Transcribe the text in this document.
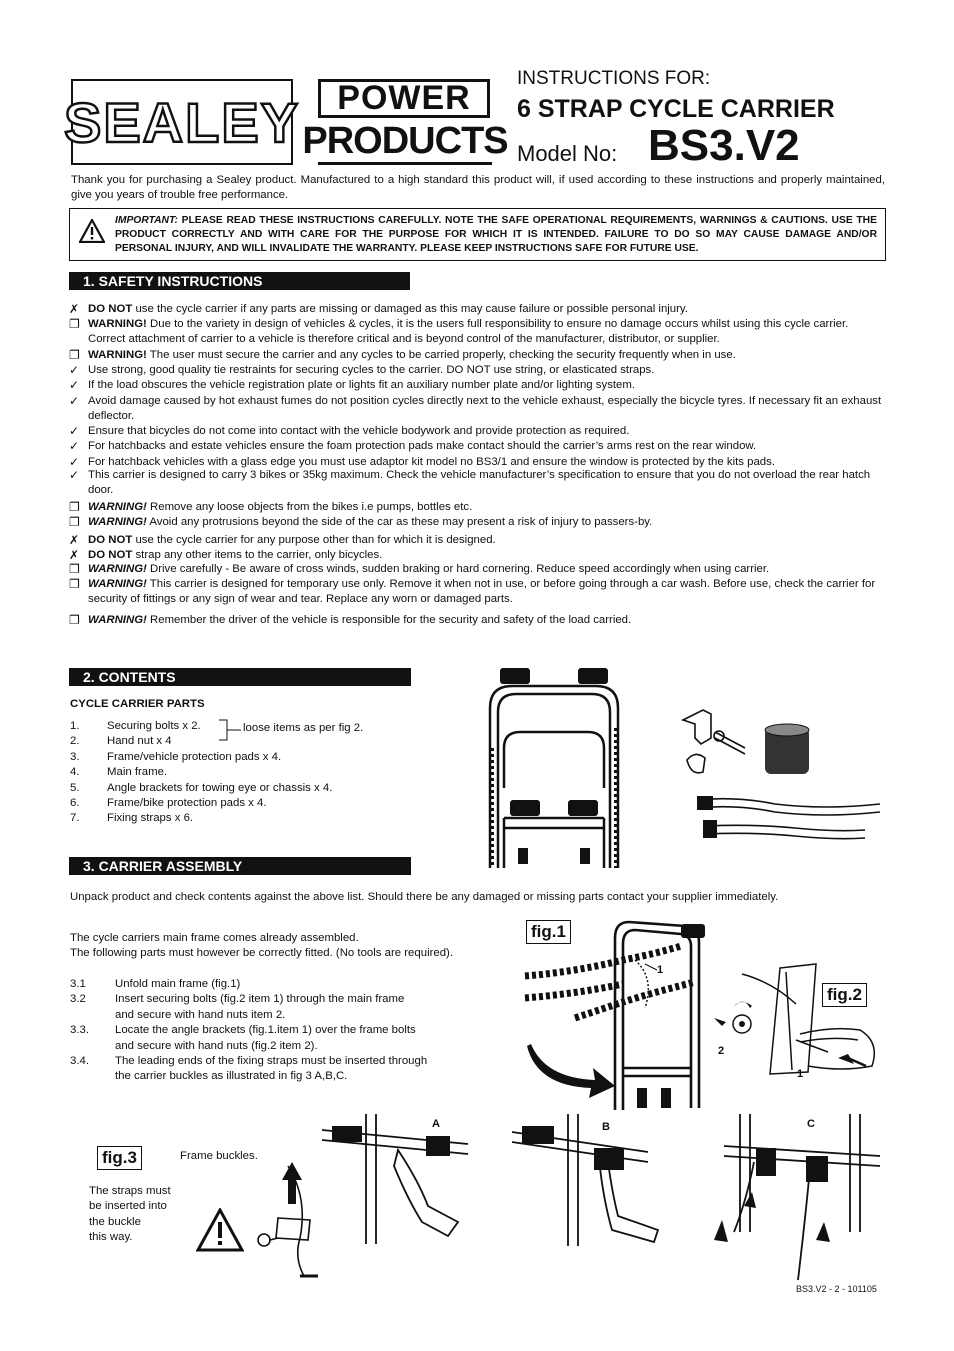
SEALEY	POWER
PRODUCTS
INSTRUCTIONS FOR:
6 STRAP CYCLE CARRIER
Model No: BS3.V2
Thank you for purchasing a Sealey product. Manufactured to a high standard this product will, if used according to these instructions and properly maintained, give you years of trouble free performance.
IMPORTANT: PLEASE READ THESE INSTRUCTIONS CAREFULLY. NOTE THE SAFE OPERATIONAL REQUIREMENTS, WARNINGS & CAUTIONS. USE THE PRODUCT CORRECTLY AND WITH CARE FOR THE PURPOSE FOR WHICH IT IS INTENDED. FAILURE TO DO SO MAY CAUSE DAMAGE AND/OR PERSONAL INJURY, AND WILL INVALIDATE THE WARRANTY. PLEASE KEEP INSTRUCTIONS SAFE FOR FUTURE USE.
1. SAFETY INSTRUCTIONS
✗ DO NOT use the cycle carrier if any parts are missing or damaged as this may cause failure or possible personal injury.
❐ WARNING! Due to the variety in design of vehicles & cycles, it is the users full responsibility to ensure no damage occurs whilst using this cycle carrier. Correct attachment of carrier to a vehicle is therefore critical and is beyond control of the manufacturer, distributor, or supplier.
❐ WARNING! The user must secure the carrier and any cycles to be carried properly, checking the security frequently when in use.
✓ Use strong, good quality tie restraints for securing cycles to the carrier. DO NOT use string, or elasticated straps.
✓ If the load obscures the vehicle registration plate or lights fit an auxiliary number plate and/or lighting system.
✓ Avoid damage caused by hot exhaust fumes do not position cycles directly next to the vehicle exhaust, especially the bicycle tyres. If necessary fit an exhaust deflector.
✓ Ensure that bicycles do not come into contact with the vehicle bodywork and provide protection as required.
✓ For hatchbacks and estate vehicles ensure the foam protection pads make contact should the carrier’s arms rest on the rear window.
✓ For hatchback vehicles with a glass edge you must use adaptor kit model no BS3/1 and ensure the window is protected by the kits pads.
✓ This carrier is designed to carry 3 bikes or 35kg maximum. Check the vehicle manufacturer’s specification to ensure that you do not overload the rear hatch door.
❐ WARNING! Remove any loose objects from the bikes i.e pumps, bottles etc.
❐ WARNING! Avoid any protrusions beyond the side of the car as these may present a risk of injury to passers-by.
✗ DO NOT use the cycle carrier for any purpose other than for which it is designed.
✗ DO NOT strap any other items to the carrier, only bicycles.
❐ WARNING! Drive carefully - Be aware of cross winds, sudden braking or hard cornering. Reduce speed accordingly when using carrier.
❐ WARNING! This carrier is designed for temporary use only. Remove it when not in use, or before going through a car wash. Before use, check the carrier for security of fittings or any sign of wear and tear. Replace any worn or damaged parts.
❐ WARNING! Remember the driver of the vehicle is responsible for the security and safety of the load carried.
2. CONTENTS
CYCLE CARRIER PARTS
1. Securing bolts x 2.
2. Hand nut x 4
3. Frame/vehicle protection pads x 4.
4. Main frame.
5. Angle brackets for towing eye or chassis x 4.
6. Frame/bike protection pads x 4.
7. Fixing straps x 6.
loose items as per fig 2.
3. CARRIER ASSEMBLY
Unpack product and check contents against the above list. Should there be any damaged or missing parts contact your supplier immediately.
The cycle carriers main frame comes already assembled.
The following parts must however be correctly fitted. (No tools are required).
3.1	Unfold main frame (fig.1)
3.2	Insert securing bolts (fig.2 item 1) through the main frame
and secure with hand nuts item 2.
3.3. Locate the angle brackets (fig.1.item 1) over the frame bolts
and secure with hand nuts (fig.2 item 2).
3.4. The leading ends of the fixing straps must be inserted through
the carrier buckles as illustrated in fig 3 A,B,C.
fig.1
1
fig.2
2
1
fig.3	Frame buckles.
The straps must
be inserted into
the buckle
this way.
A	B	C
BS3.V2 - 2 - 101105
